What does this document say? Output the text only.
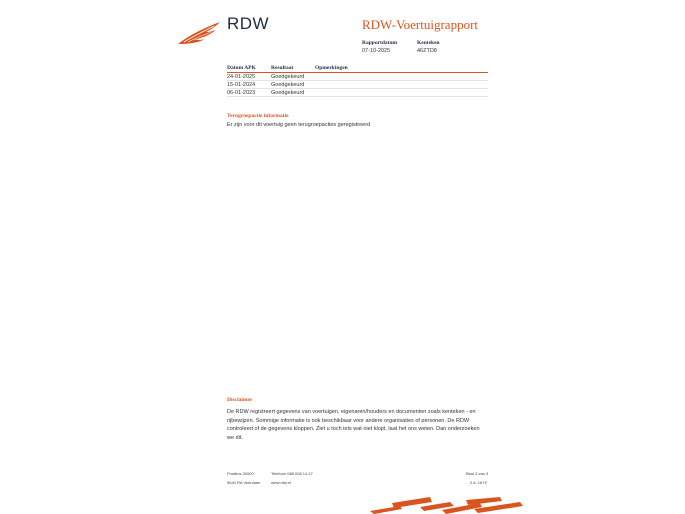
RDW	RDW-Voertuigrapport
Rapportdatum
07-10-2025
Kenteken
46ZTD8
Datum APK	Resultaat	Opmerkingen
24-01-2025	Goedgekeurd
15-01-2024	Goedgekeurd
06-01-2023	Goedgekeurd
Terugroepactie informatie
Er zijn voor dit voertuig geen terugroepacties geregistreerd
Disclaimer
De RDW registreert gegevens van voertuigen, eigenaren/houders en documenten zoals kenteken - en
rijbewijzen. Sommige informatie is ook beschikbaar voor andere organisaties of personen. De RDW
controleert of de gegevens kloppen. Ziet u toch iets wat niet klopt, laat het ons weten. Dan onderzoeken
we dit.
Postbus 30000
9640 RA Veendam
Telefoon 088 008 14 47
www.rdw.nl
Blad 3 van 3
2.6. 1679
